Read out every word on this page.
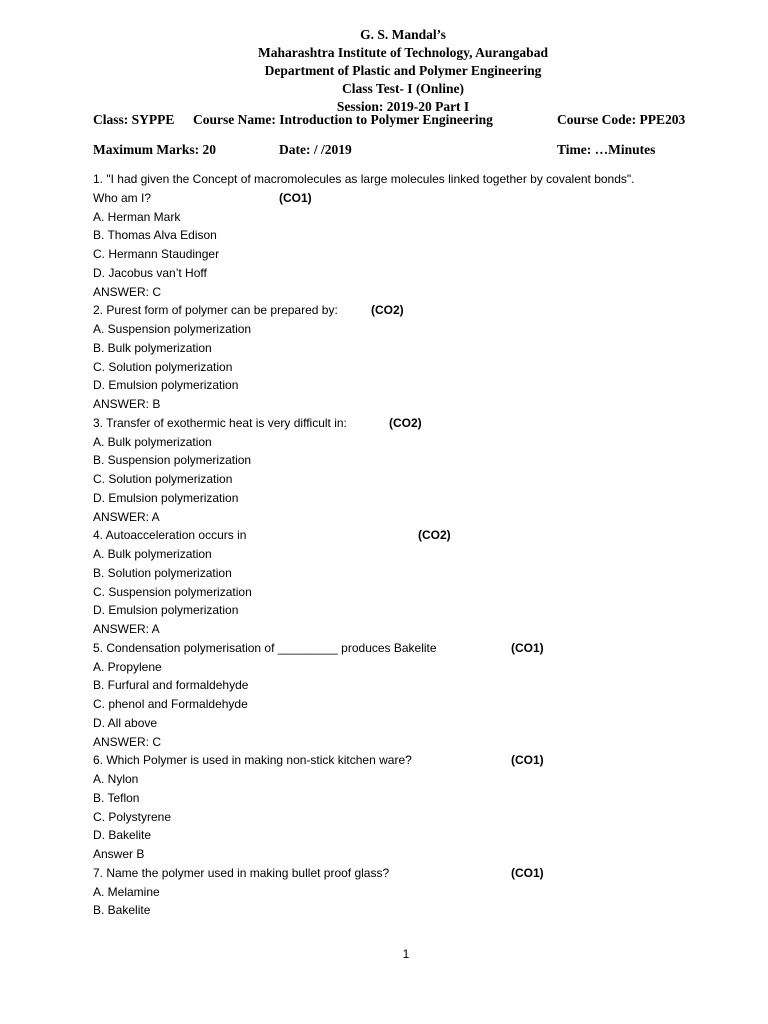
G. S. Mandal’s
Maharashtra Institute of Technology, Aurangabad
Department of Plastic and Polymer Engineering
Class Test- I (Online)
Session: 2019-20 Part I
Class: SYPPE Course Name: Introduction to Polymer Engineering	Course Code: PPE203
Maximum Marks: 20	Date: / /2019	Time: …Minutes
1. "I had given the Concept of macromolecules as large molecules linked together by covalent bonds".
Who am I?	(CO1)
A. Herman Mark
B. Thomas Alva Edison
C. Hermann Staudinger
D. Jacobus van’t Hoff
ANSWER: C
2. Purest form of polymer can be prepared by:	(CO2)
A. Suspension polymerization
B. Bulk polymerization
C. Solution polymerization
D. Emulsion polymerization
ANSWER: B
3. Transfer of exothermic heat is very difficult in:	(CO2)
A. Bulk polymerization
B. Suspension polymerization
C. Solution polymerization
D. Emulsion polymerization
ANSWER: A
4. Autoacceleration occurs in	(CO2)
A. Bulk polymerization
B. Solution polymerization
C. Suspension polymerization
D. Emulsion polymerization
ANSWER: A
5. Condensation polymerisation of _________ produces Bakelite	(CO1)
A. Propylene
B. Furfural and formaldehyde
C. phenol and Formaldehyde
D. All above
ANSWER: C
6. Which Polymer is used in making non-stick kitchen ware?	(CO1)
A. Nylon
B. Teflon
C. Polystyrene
D. Bakelite
Answer B
7. Name the polymer used in making bullet proof glass?	(CO1)
A. Melamine
B. Bakelite
1
